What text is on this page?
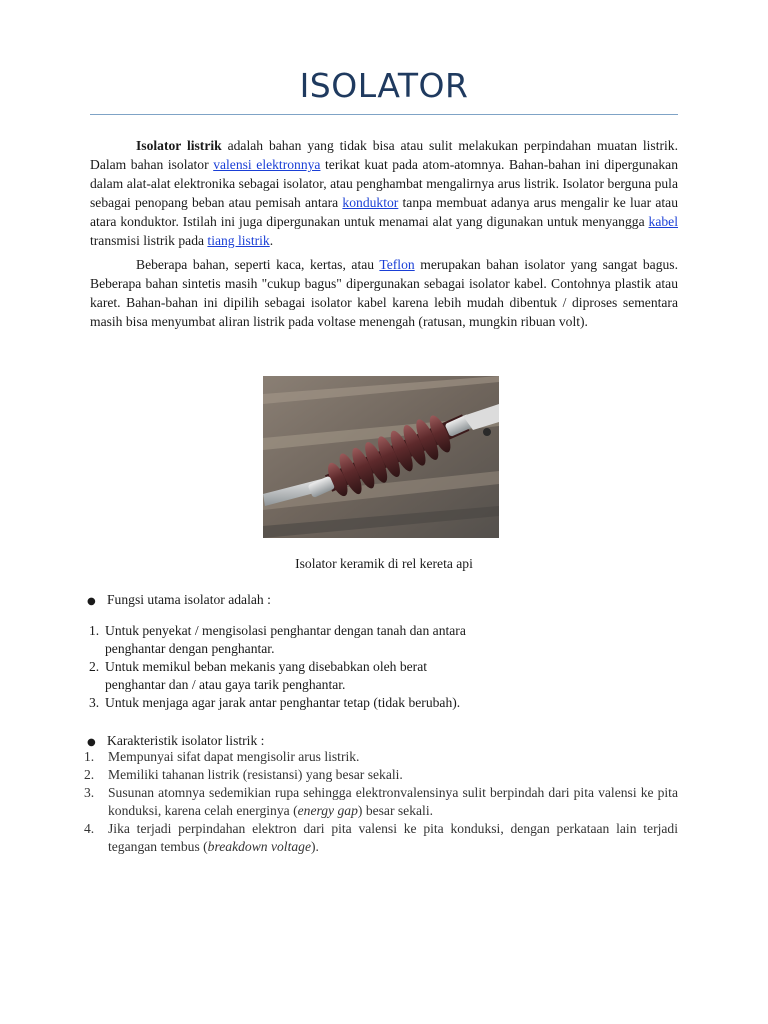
ISOLATOR

Isolator listrik adalah bahan yang tidak bisa atau sulit melakukan perpindahan muatan listrik. Dalam bahan isolator valensi elektronnya terikat kuat pada atom-atomnya. Bahan-bahan ini dipergunakan dalam alat-alat elektronika sebagai isolator, atau penghambat mengalirnya arus listrik. Isolator berguna pula sebagai penopang beban atau pemisah antara konduktor tanpa membuat adanya arus mengalir ke luar atau atara konduktor. Istilah ini juga dipergunakan untuk menamai alat yang digunakan untuk menyangga kabel transmisi listrik pada tiang listrik.

Beberapa bahan, seperti kaca, kertas, atau Teflon merupakan bahan isolator yang sangat bagus. Beberapa bahan sintetis masih "cukup bagus" dipergunakan sebagai isolator kabel. Contohnya plastik atau karet. Bahan-bahan ini dipilih sebagai isolator kabel karena lebih mudah dibentuk / diproses sementara masih bisa menyumbat aliran listrik pada voltase menengah (ratusan, mungkin ribuan volt).

Isolator keramik di rel kereta api
● Fungsi utama isolator adalah :
1. Untuk penyekat / mengisolasi penghantar dengan tanah dan antara
penghantar dengan penghantar.
2. Untuk memikul beban mekanis yang disebabkan oleh berat
penghantar dan / atau gaya tarik penghantar.
3. Untuk menjaga agar jarak antar penghantar tetap (tidak berubah).
● Karakteristik isolator listrik :
1. Mempunyai sifat dapat mengisolir arus listrik.
2. Memiliki tahanan listrik (resistansi) yang besar sekali.
3. Susunan atomnya sedemikian rupa sehingga elektronvalensinya sulit berpindah dari pita valensi ke pita konduksi, karena celah energinya (energy gap) besar sekali.
4. Jika terjadi perpindahan elektron dari pita valensi ke pita konduksi, dengan perkataan lain terjadi tegangan tembus (breakdown voltage).
